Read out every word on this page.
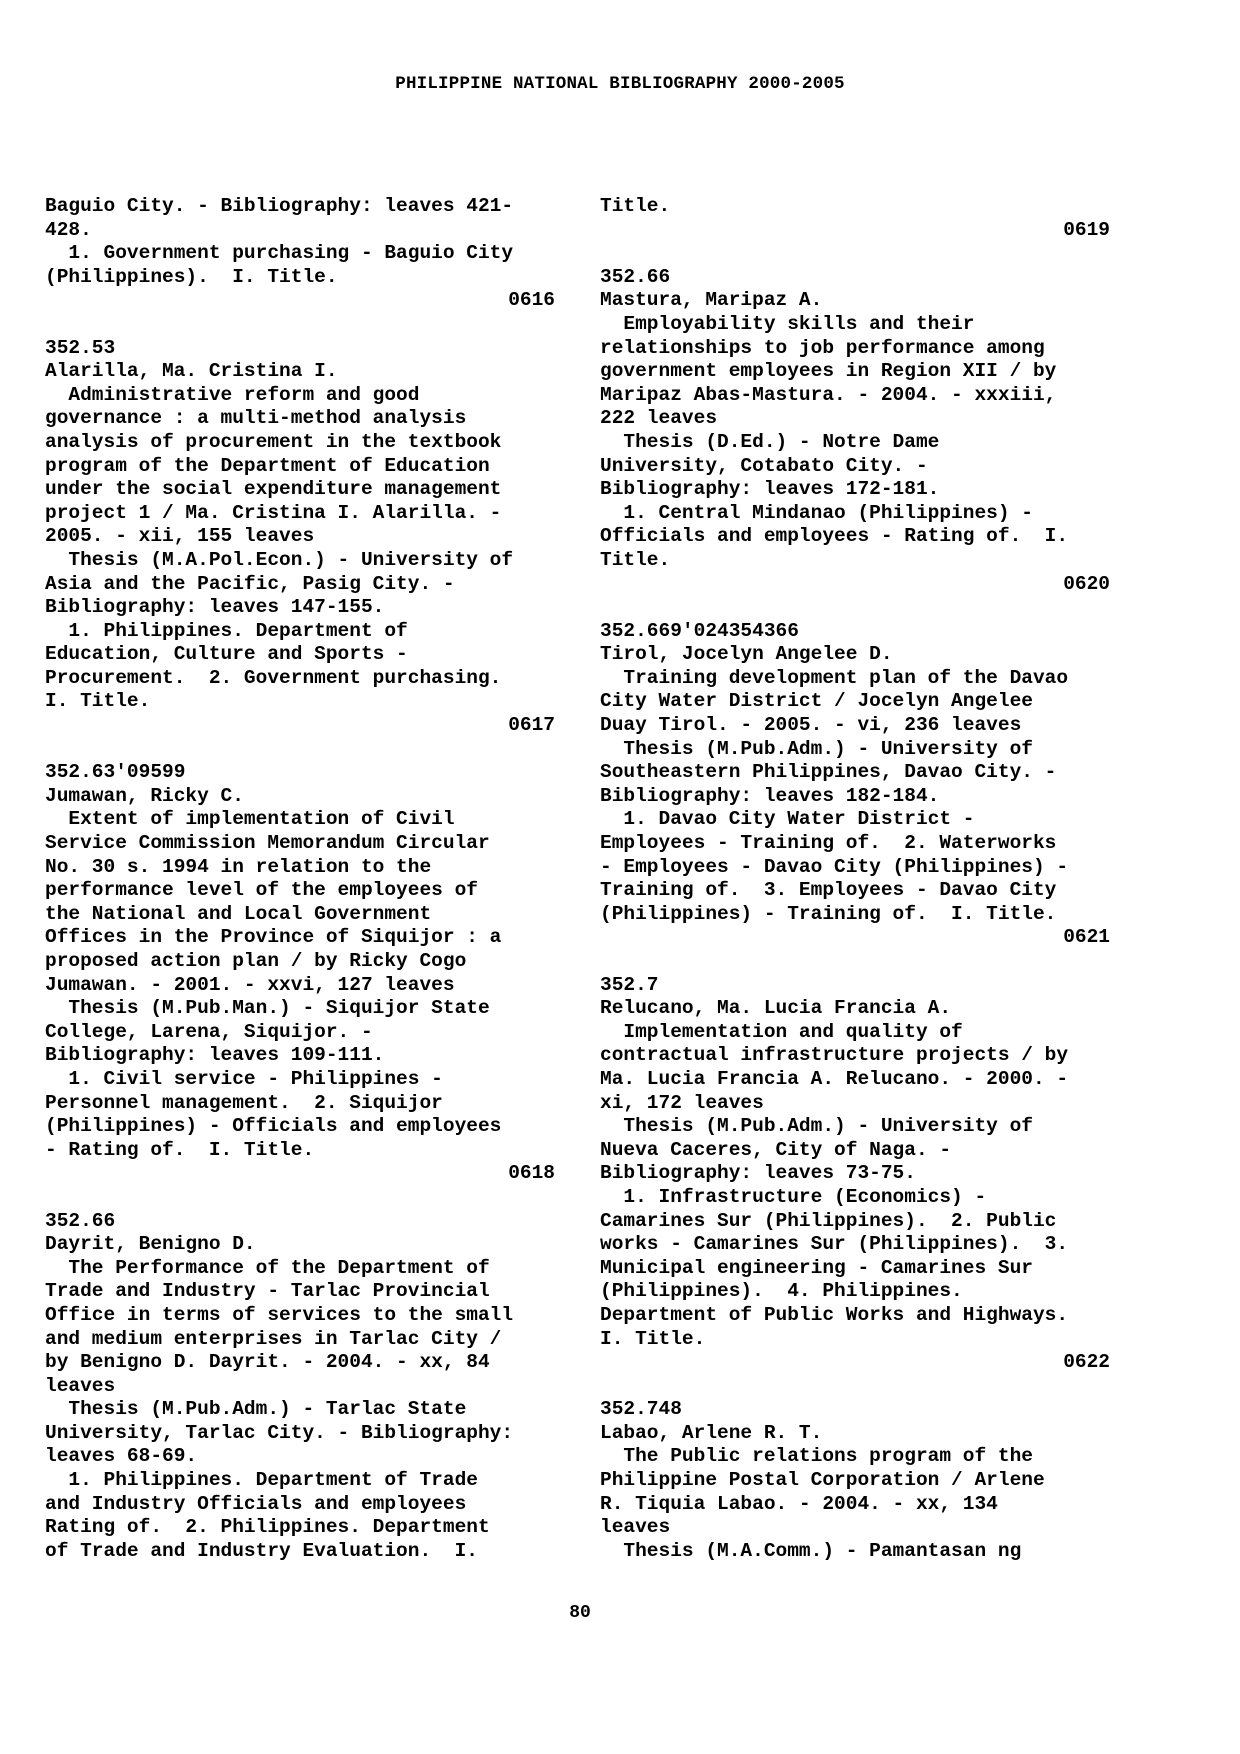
PHILIPPINE NATIONAL BIBLIOGRAPHY 2000-2005
Baguio City. - Bibliography: leaves 421-
428.
1. Government purchasing - Baguio City
(Philippines).  I. Title.
0616

352.53
Alarilla, Ma. Cristina I.
Administrative reform and good
governance : a multi-method analysis
analysis of procurement in the textbook
program of the Department of Education
under the social expenditure management
project 1 / Ma. Cristina I. Alarilla. -
2005. - xii, 155 leaves
Thesis (M.A.Pol.Econ.) - University of
Asia and the Pacific, Pasig City. -
Bibliography: leaves 147-155.
1. Philippines. Department of
Education, Culture and Sports -
Procurement.  2. Government purchasing.
I. Title.
0617

352.63'09599
Jumawan, Ricky C.
Extent of implementation of Civil
Service Commission Memorandum Circular
No. 30 s. 1994 in relation to the
performance level of the employees of
the National and Local Government
Offices in the Province of Siquijor : a
proposed action plan / by Ricky Cogo
Jumawan. - 2001. - xxvi, 127 leaves
Thesis (M.Pub.Man.) - Siquijor State
College, Larena, Siquijor. -
Bibliography: leaves 109-111.
1. Civil service - Philippines -
Personnel management.  2. Siquijor
(Philippines) - Officials and employees
- Rating of.  I. Title.
0618

352.66
Dayrit, Benigno D.
The Performance of the Department of
Trade and Industry - Tarlac Provincial
Office in terms of services to the small
and medium enterprises in Tarlac City /
by Benigno D. Dayrit. - 2004. - xx, 84
leaves
Thesis (M.Pub.Adm.) - Tarlac State
University, Tarlac City. - Bibliography:
leaves 68-69.
1. Philippines. Department of Trade
and Industry Officials and employees
Rating of.  2. Philippines. Department
of Trade and Industry Evaluation.  I.
Title.
0619

352.66
Mastura, Maripaz A.
Employability skills and their
relationships to job performance among
government employees in Region XII / by
Maripaz Abas-Mastura. - 2004. - xxxiii,
222 leaves
Thesis (D.Ed.) - Notre Dame
University, Cotabato City. -
Bibliography: leaves 172-181.
1. Central Mindanao (Philippines) -
Officials and employees - Rating of.  I.
Title.
0620

352.669'024354366
Tirol, Jocelyn Angelee D.
Training development plan of the Davao
City Water District / Jocelyn Angelee
Duay Tirol. - 2005. - vi, 236 leaves
Thesis (M.Pub.Adm.) - University of
Southeastern Philippines, Davao City. -
Bibliography: leaves 182-184.
1. Davao City Water District -
Employees - Training of.  2. Waterworks
- Employees - Davao City (Philippines) -
Training of.  3. Employees - Davao City
(Philippines) - Training of.  I. Title.
0621

352.7
Relucano, Ma. Lucia Francia A.
Implementation and quality of
contractual infrastructure projects / by
Ma. Lucia Francia A. Relucano. - 2000. -
xi, 172 leaves
Thesis (M.Pub.Adm.) - University of
Nueva Caceres, City of Naga. -
Bibliography: leaves 73-75.
1. Infrastructure (Economics) -
Camarines Sur (Philippines).  2. Public
works - Camarines Sur (Philippines).  3.
Municipal engineering - Camarines Sur
(Philippines).  4. Philippines.
Department of Public Works and Highways.
I. Title.
0622

352.748
Labao, Arlene R. T.
The Public relations program of the
Philippine Postal Corporation / Arlene
R. Tiquia Labao. - 2004. - xx, 134
leaves
Thesis (M.A.Comm.) - Pamantasan ng
80
